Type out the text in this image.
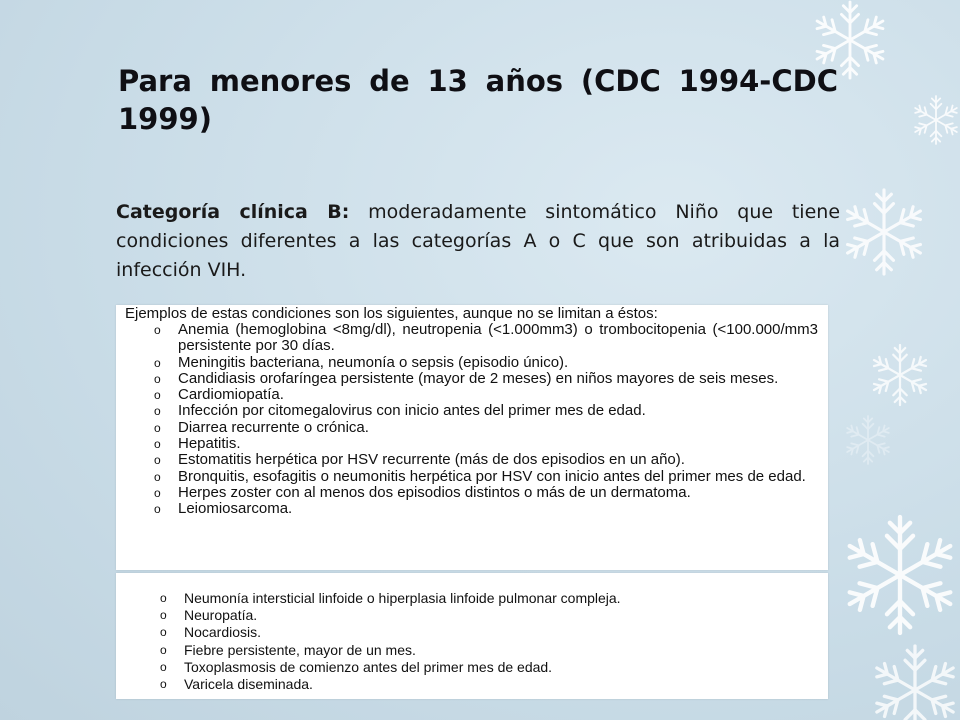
Para menores de 13 años (CDC 1994-CDC 1999)
Categoría clínica B: moderadamente sintomático Niño que tiene condiciones diferentes a las categorías A o C que son atribuidas a la infección VIH.
Ejemplos de estas condiciones son los siguientes, aunque no se limitan a éstos:
o Anemia (hemoglobina <8mg/dl), neutropenia (<1.000mm3) o trombocitopenia (<100.000/mm3 persistente por 30 días.
o Meningitis bacteriana, neumonía o sepsis (episodio único).
o Candidiasis orofaríngea persistente (mayor de 2 meses) en niños mayores de seis meses.
o Cardiomiopatía.
o Infección por citomegalovirus con inicio antes del primer mes de edad.
o Diarrea recurrente o crónica.
o Hepatitis.
o Estomatitis herpética por HSV recurrente (más de dos episodios en un año).
o Bronquitis, esofagitis o neumonitis herpética por HSV con inicio antes del primer mes de edad.
o Herpes zoster con al menos dos episodios distintos o más de un dermatoma.
o Leiomiosarcoma.
o Neumonía intersticial linfoide o hiperplasia linfoide pulmonar compleja.
o Neuropatía.
o Nocardiosis.
o Fiebre persistente, mayor de un mes.
o Toxoplasmosis de comienzo antes del primer mes de edad.
o Varicela diseminada.
